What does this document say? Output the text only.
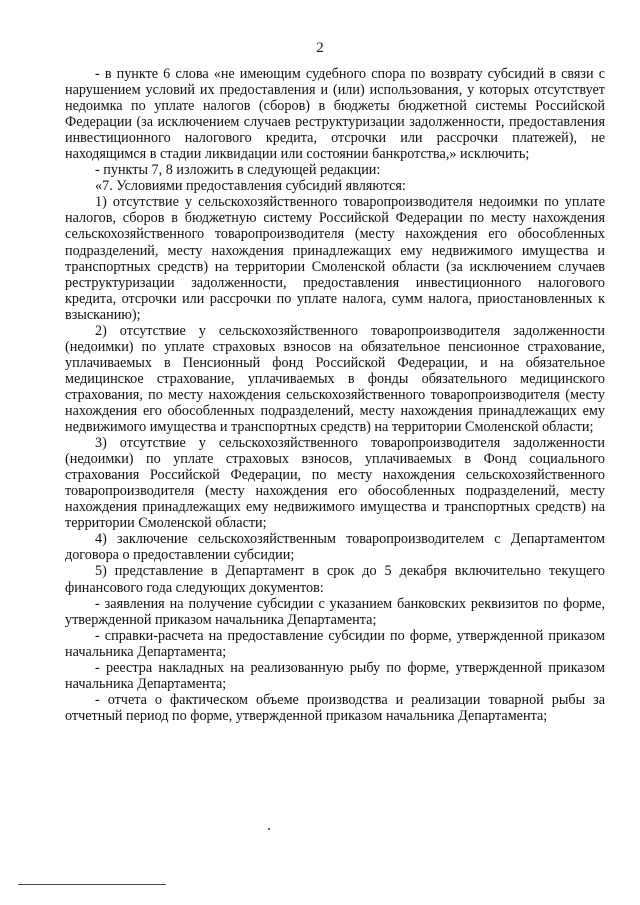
2

- в пункте 6 слова «не имеющим судебного спора по возврату субсидий в связи с нарушением условий их предоставления и (или) использования, у которых отсутствует недоимка по уплате налогов (сборов) в бюджеты бюджетной системы Российской Федерации (за исключением случаев реструктуризации задолженности, предоставления инвестиционного налогового кредита, отсрочки или рассрочки платежей), не находящимся в стадии ликвидации или состоянии банкротства,» исключить;

- пункты 7, 8 изложить в следующей редакции:

«7. Условиями предоставления субсидий являются:

1) отсутствие у сельскохозяйственного товаропроизводителя недоимки по уплате налогов, сборов в бюджетную систему Российской Федерации по месту нахождения сельскохозяйственного товаропроизводителя (месту нахождения его обособленных подразделений, месту нахождения принадлежащих ему недвижимого имущества и транспортных средств) на территории Смоленской области (за исключением случаев реструктуризации задолженности, предоставления инвестиционного налогового кредита, отсрочки или рассрочки по уплате налога, сумм налога, приостановленных к взысканию);

2) отсутствие у сельскохозяйственного товаропроизводителя задолженности (недоимки) по уплате страховых взносов на обязательное пенсионное страхование, уплачиваемых в Пенсионный фонд Российской Федерации, и на обязательное медицинское страхование, уплачиваемых в фонды обязательного медицинского страхования, по месту нахождения сельскохозяйственного товаропроизводителя (месту нахождения его обособленных подразделений, месту нахождения принадлежащих ему недвижимого имущества и транспортных средств) на территории Смоленской области;

3) отсутствие у сельскохозяйственного товаропроизводителя задолженности (недоимки) по уплате страховых взносов, уплачиваемых в Фонд социального страхования Российской Федерации, по месту нахождения сельскохозяйственного товаропроизводителя (месту нахождения его обособленных подразделений, месту нахождения принадлежащих ему недвижимого имущества и транспортных средств) на территории Смоленской области;

4) заключение сельскохозяйственным товаропроизводителем с Департаментом договора о предоставлении субсидии;

5) представление в Департамент в срок до 5 декабря включительно текущего финансового года следующих документов:

- заявления на получение субсидии с указанием банковских реквизитов по форме, утвержденной приказом начальника Департамента;

- справки-расчета на предоставление субсидии по форме, утвержденной приказом начальника Департамента;

- реестра накладных на реализованную рыбу по форме, утвержденной приказом начальника Департамента;

- отчета о фактическом объеме производства и реализации товарной рыбы за отчетный период по форме, утвержденной приказом начальника Департамента;
